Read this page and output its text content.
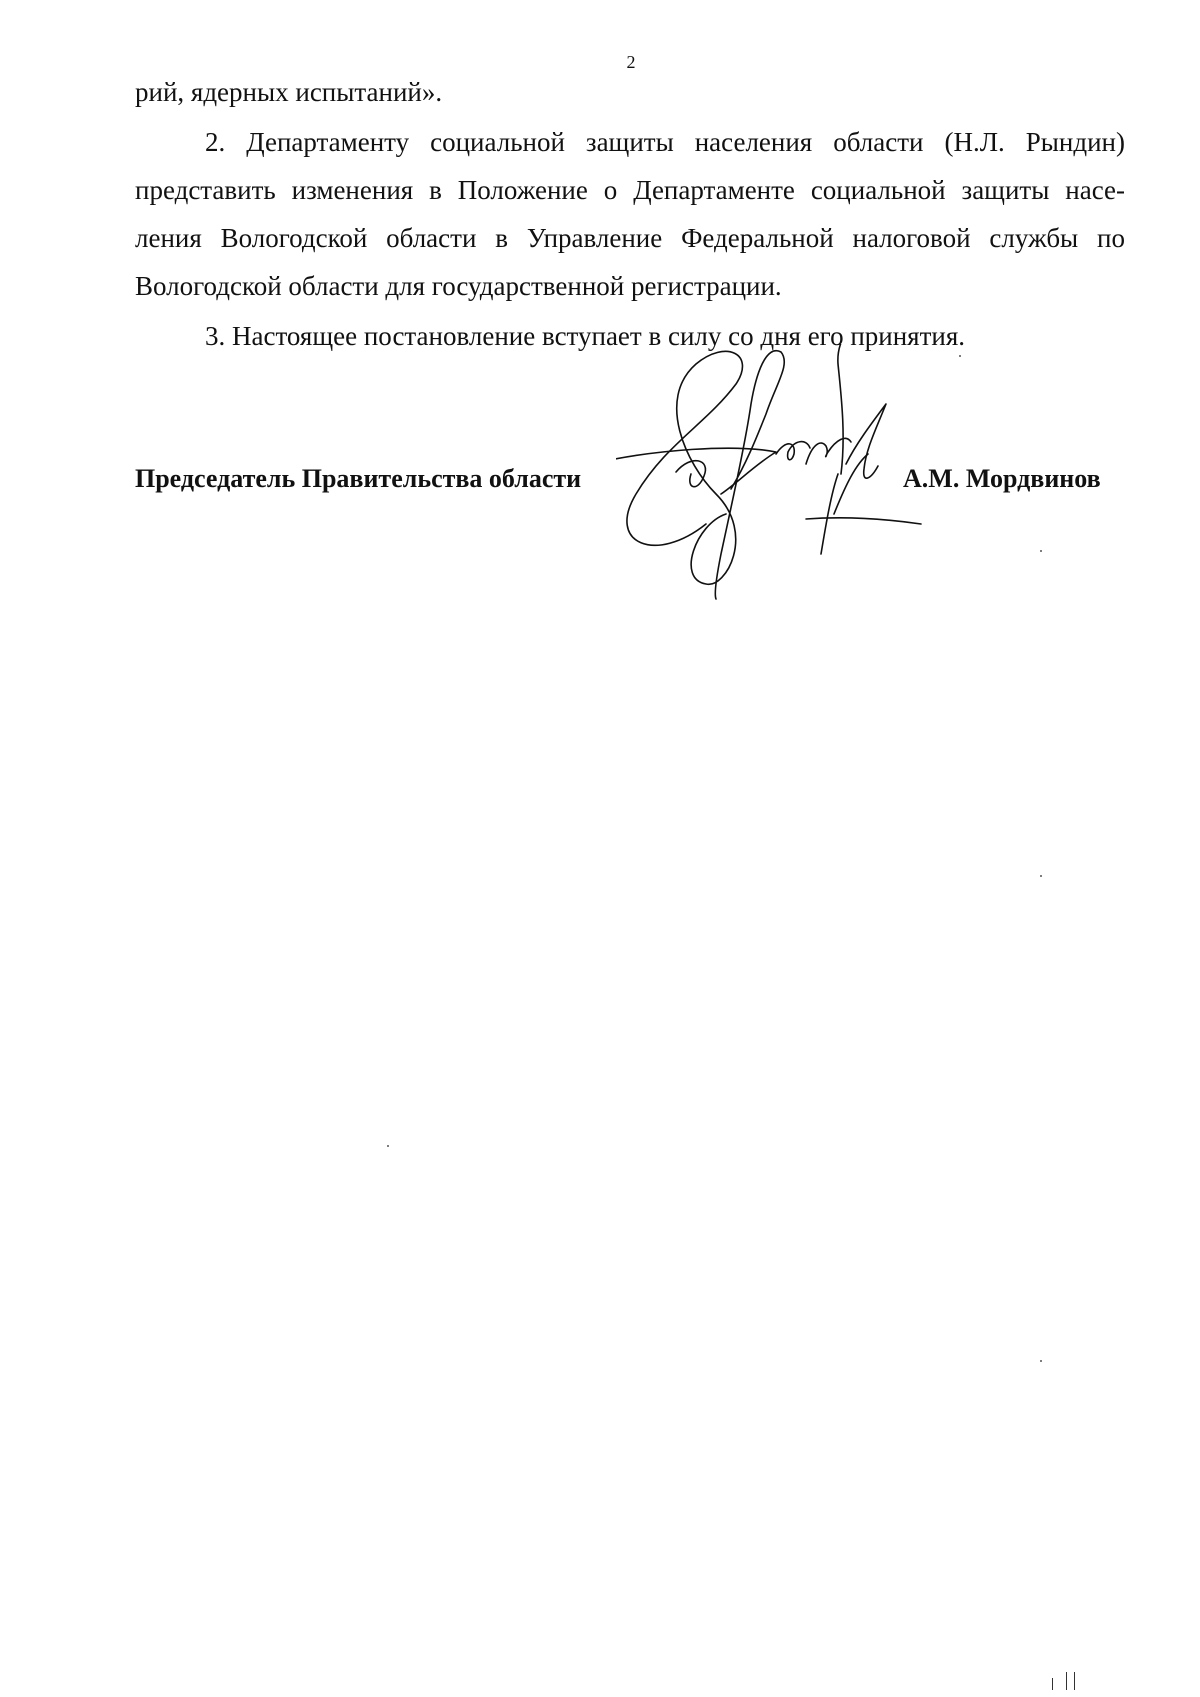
2
рий, ядерных испытаний».
2. Департаменту социальной защиты населения области (Н.Л. Рындин)
представить изменения в Положение о Департаменте социальной защиты насе-
ления Вологодской области в Управление Федеральной налоговой службы по
Вологодской области для государственной регистрации.
3. Настоящее постановление вступает в силу со дня его принятия.
Председатель Правительства области	А.М. Мордвинов
